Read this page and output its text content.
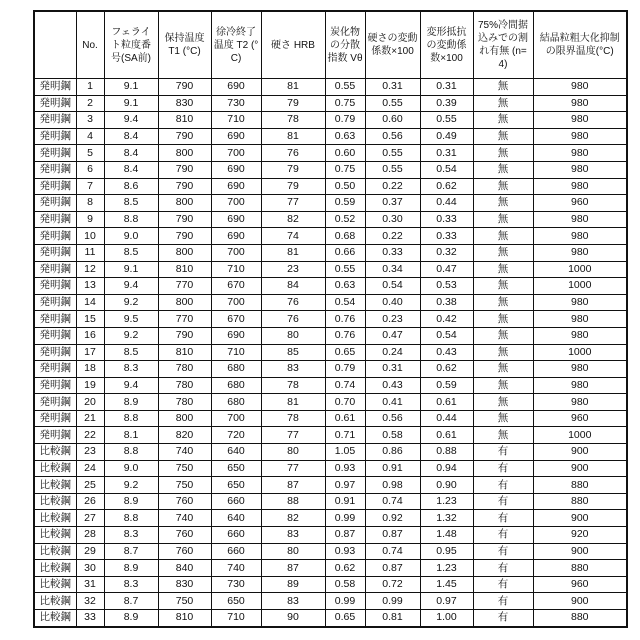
	No.	フェライト粒度番号(SA前)	保持温度 T1 (°C)	徐冷終了温度 T2 (°C)	硬さ HRB	炭化物の分散指数 Vθ	硬さの変動係数×100	変形抵抗の変動係数×100	75%冷間据込みでの割れ有無 (n=4)	結晶粒粗大化抑制の限界温度(°C)
発明鋼	1	9.1	790	690	81	0.55	0.31	0.31	無	980
発明鋼	2	9.1	830	730	79	0.75	0.55	0.39	無	980
発明鋼	3	9.4	810	710	78	0.79	0.60	0.55	無	980
発明鋼	4	8.4	790	690	81	0.63	0.56	0.49	無	980
発明鋼	5	8.4	800	700	76	0.60	0.55	0.31	無	980
発明鋼	6	8.4	790	690	79	0.75	0.55	0.54	無	980
発明鋼	7	8.6	790	690	79	0.50	0.22	0.62	無	980
発明鋼	8	8.5	800	700	77	0.59	0.37	0.44	無	960
発明鋼	9	8.8	790	690	82	0.52	0.30	0.33	無	980
発明鋼	10	9.0	790	690	74	0.68	0.22	0.33	無	980
発明鋼	11	8.5	800	700	81	0.66	0.33	0.32	無	980
発明鋼	12	9.1	810	710	23	0.55	0.34	0.47	無	1000
発明鋼	13	9.4	770	670	84	0.63	0.54	0.53	無	1000
発明鋼	14	9.2	800	700	76	0.54	0.40	0.38	無	980
発明鋼	15	9.5	770	670	76	0.76	0.23	0.42	無	980
発明鋼	16	9.2	790	690	80	0.76	0.47	0.54	無	980
発明鋼	17	8.5	810	710	85	0.65	0.24	0.43	無	1000
発明鋼	18	8.3	780	680	83	0.79	0.31	0.62	無	980
発明鋼	19	9.4	780	680	78	0.74	0.43	0.59	無	980
発明鋼	20	8.9	780	680	81	0.70	0.41	0.61	無	980
発明鋼	21	8.8	800	700	78	0.61	0.56	0.44	無	960
発明鋼	22	8.1	820	720	77	0.71	0.58	0.61	無	1000
比較鋼	23	8.8	740	640	80	1.05	0.86	0.88	有	900
比較鋼	24	9.0	750	650	77	0.93	0.91	0.94	有	900
比較鋼	25	9.2	750	650	87	0.97	0.98	0.90	有	880
比較鋼	26	8.9	760	660	88	0.91	0.74	1.23	有	880
比較鋼	27	8.8	740	640	82	0.99	0.92	1.32	有	900
比較鋼	28	8.3	760	660	83	0.87	0.87	1.48	有	920
比較鋼	29	8.7	760	660	80	0.93	0.74	0.95	有	900
比較鋼	30	8.9	840	740	87	0.62	0.87	1.23	有	880
比較鋼	31	8.3	830	730	89	0.58	0.72	1.45	有	960
比較鋼	32	8.7	750	650	83	0.99	0.99	0.97	有	900
比較鋼	33	8.9	810	710	90	0.65	0.81	1.00	有	880
